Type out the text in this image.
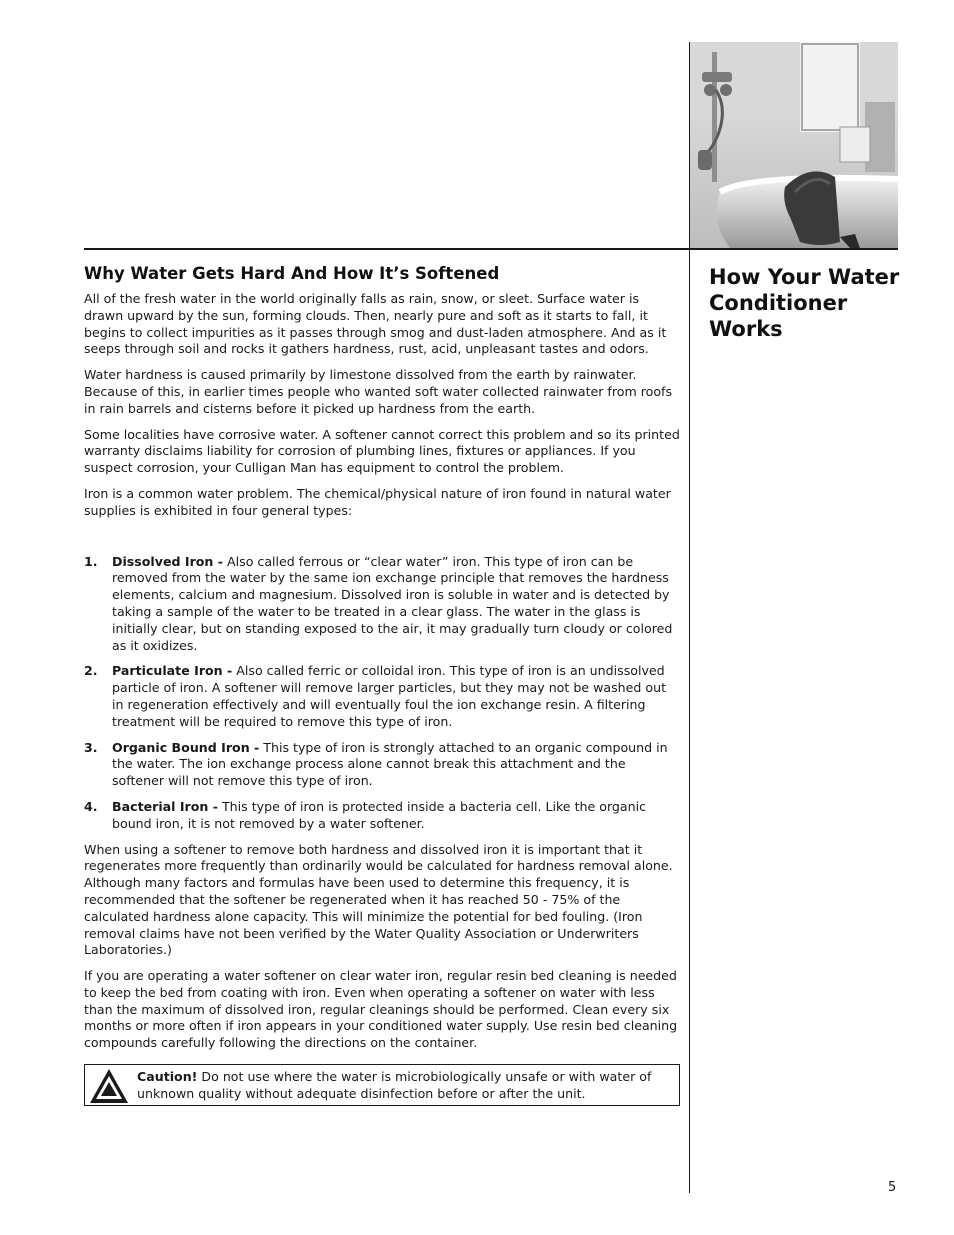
How Your Water Conditioner Works
Why Water Gets Hard And How It’s Softened

All of the fresh water in the world originally falls as rain, snow, or sleet. Surface water is drawn upward by the sun, forming clouds. Then, nearly pure and soft as it starts to fall, it begins to collect impurities as it passes through smog and dust-laden atmosphere. And as it seeps through soil and rocks it gathers hardness, rust, acid, unpleasant tastes and odors.

Water hardness is caused primarily by limestone dissolved from the earth by rainwater. Because of this, in earlier times people who wanted soft water collected rainwater from roofs in rain barrels and cisterns before it picked up hardness from the earth.

Some localities have corrosive water. A softener cannot correct this problem and so its printed warranty disclaims liability for corrosion of plumbing lines, fixtures or appliances. If you suspect corrosion, your Culligan Man has equipment to control the problem.

Iron is a common water problem. The chemical/physical nature of iron found in natural water supplies is exhibited in four general types:

1. Dissolved Iron - Also called ferrous or “clear water” iron. This type of iron can be removed from the water by the same ion exchange principle that removes the hardness elements, calcium and magnesium. Dissolved iron is soluble in water and is detected by taking a sample of the water to be treated in a clear glass. The water in the glass is initially clear, but on standing exposed to the air, it may gradually turn cloudy or colored as it oxidizes.
2. Particulate Iron - Also called ferric or colloidal iron. This type of iron is an undissolved particle of iron. A softener will remove larger particles, but they may not be washed out in regeneration effectively and will eventually foul the ion exchange resin. A filtering treatment will be required to remove this type of iron.
3. Organic Bound Iron - This type of iron is strongly attached to an organic compound in the water. The ion exchange process alone cannot break this attachment and the softener will not remove this type of iron.
4. Bacterial Iron - This type of iron is protected inside a bacteria cell. Like the organic bound iron, it is not removed by a water softener.

When using a softener to remove both hardness and dissolved iron it is important that it regenerates more frequently than ordinarily would be calculated for hardness removal alone. Although many factors and formulas have been used to determine this frequency, it is recommended that the softener be regenerated when it has reached 50 - 75% of the calculated hardness alone capacity. This will minimize the potential for bed fouling. (Iron removal claims have not been verified by the Water Quality Association or Underwriters Laboratories.)

If you are operating a water softener on clear water iron, regular resin bed cleaning is needed to keep the bed from coating with iron. Even when operating a softener on water with less than the maximum of dissolved iron, regular cleanings should be performed. Clean every six months or more often if iron appears in your conditioned water supply. Use resin bed cleaning compounds carefully following the directions on the container.

Caution! Do not use where the water is microbiologically unsafe or with water of unknown quality without adequate disinfection before or after the unit.
5
